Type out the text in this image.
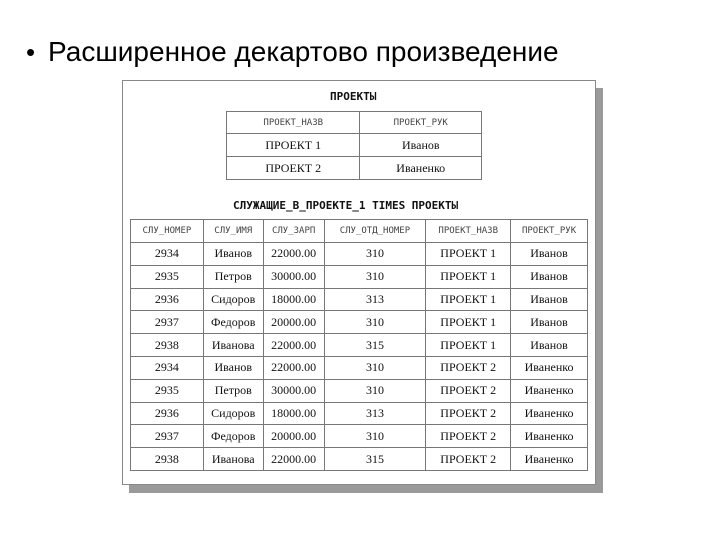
• Расширенное декартово произведение
ПРОЕКТЫ
ПРОЕКТ_НАЗВ	ПРОЕКТ_РУК
ПРОЕКТ 1	Иванов
ПРОЕКТ 2	Иваненко
СЛУЖАЩИЕ_В_ПРОЕКТЕ_1 TIMES ПРОЕКТЫ
СЛУ_НОМЕР	СЛУ_ИМЯ	СЛУ_ЗАРП	СЛУ_ОТД_НОМЕР	ПРОЕКТ_НАЗВ	ПРОЕКТ_РУК
2934	Иванов	22000.00	310	ПРОЕКТ 1	Иванов
2935	Петров	30000.00	310	ПРОЕКТ 1	Иванов
2936	Сидоров	18000.00	313	ПРОЕКТ 1	Иванов
2937	Федоров	20000.00	310	ПРОЕКТ 1	Иванов
2938	Иванова	22000.00	315	ПРОЕКТ 1	Иванов
2934	Иванов	22000.00	310	ПРОЕКТ 2	Иваненко
2935	Петров	30000.00	310	ПРОЕКТ 2	Иваненко
2936	Сидоров	18000.00	313	ПРОЕКТ 2	Иваненко
2937	Федоров	20000.00	310	ПРОЕКТ 2	Иваненко
2938	Иванова	22000.00	315	ПРОЕКТ 2	Иваненко
